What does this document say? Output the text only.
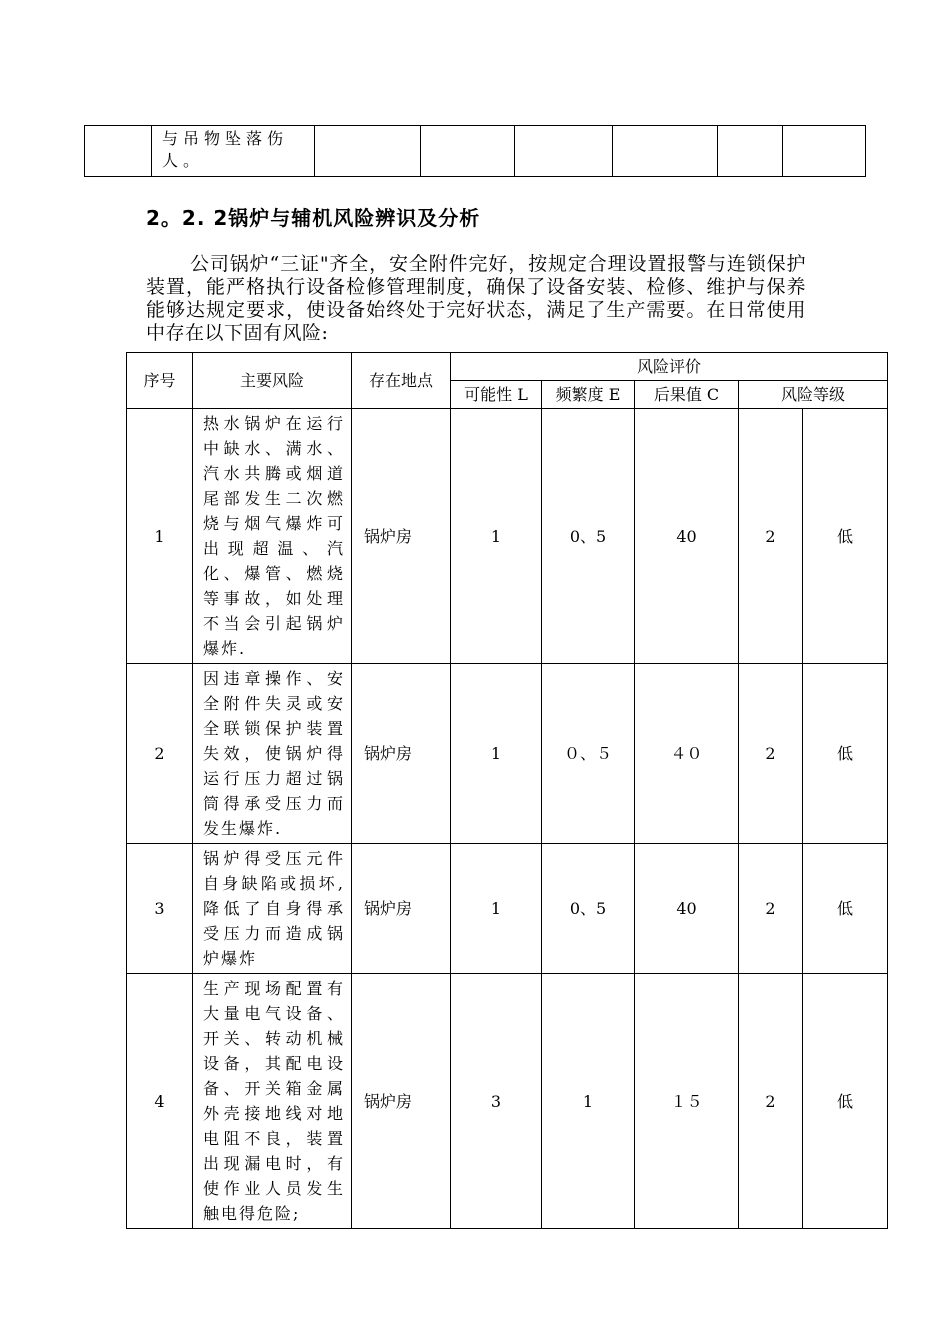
	与吊物坠落伤人。						
2。2. 2锅炉与辅机风险辨识及分析

公司锅炉“三证"齐全，安全附件完好，按规定合理设置报警与连锁保护装置，能严格执行设备检修管理制度，确保了设备安装、检修、维护与保养能够达规定要求，使设备始终处于完好状态，满足了生产需要。在日常使用中存在以下固有风险:

序号	主要风险	存在地点	风险评价				
			可能性 L	频繁度 E	后果值 C	风险等级	
1	热水锅炉在运行中缺水、满水、汽水共腾或烟道尾部发生二次燃烧与烟气爆炸可出现超温、汽化、爆管、燃烧等事故，如处理不当会引起锅炉爆炸.	锅炉房	1	0、5	40	2	低
2	因违章操作、安全附件失灵或安全联锁保护装置失效，使锅炉得运行压力超过锅筒得承受压力而发生爆炸.	锅炉房	1	０、５	４０	2	低
3	锅炉得受压元件自身缺陷或损坏,降低了自身得承受压力而造成锅炉爆炸	锅炉房	1	0、5	40	2	低
4	生产现场配置有大量电气设备、开关、转动机械设备，其配电设备、开关箱金属外壳接地线对地电阻不良，装置出现漏电时，有使作业人员发生触电得危险;	锅炉房	3	1	１５	2	低
